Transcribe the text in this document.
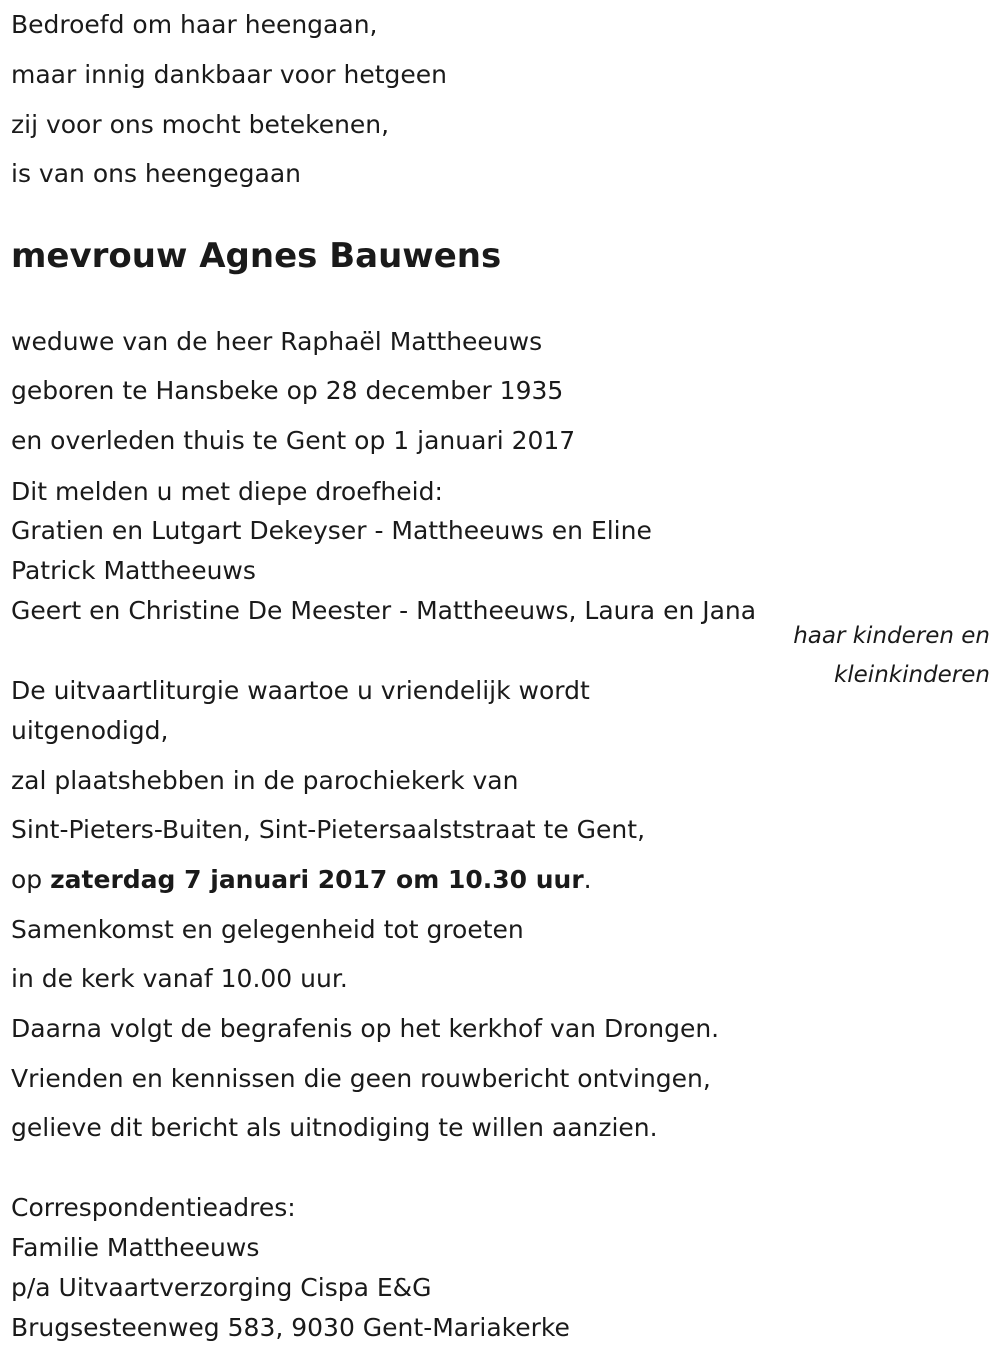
Bedroefd om haar heengaan,
maar innig dankbaar voor hetgeen
zij voor ons mocht betekenen,
is van ons heengegaan
mevrouw Agnes Bauwens
weduwe van de heer Raphaël Mattheeuws
geboren te Hansbeke op 28 december 1935
en overleden thuis te Gent op 1 januari 2017
Dit melden u met diepe droefheid:
Gratien en Lutgart Dekeyser - Mattheeuws en Eline
Patrick Mattheeuws
Geert en Christine De Meester - Mattheeuws, Laura en Jana
haar kinderen en
kleinkinderen
De uitvaartliturgie waartoe u vriendelijk wordt
uitgenodigd,
zal plaatshebben in de parochiekerk van
Sint-Pieters-Buiten, Sint-Pietersaalststraat te Gent,
op zaterdag 7 januari 2017 om 10.30 uur.
Samenkomst en gelegenheid tot groeten
in de kerk vanaf 10.00 uur.
Daarna volgt de begrafenis op het kerkhof van Drongen.
Vrienden en kennissen die geen rouwbericht ontvingen,
gelieve dit bericht als uitnodiging te willen aanzien.
Correspondentieadres:
Familie Mattheeuws
p/a Uitvaartverzorging Cispa E&G
Brugsesteenweg 583, 9030 Gent-Mariakerke
